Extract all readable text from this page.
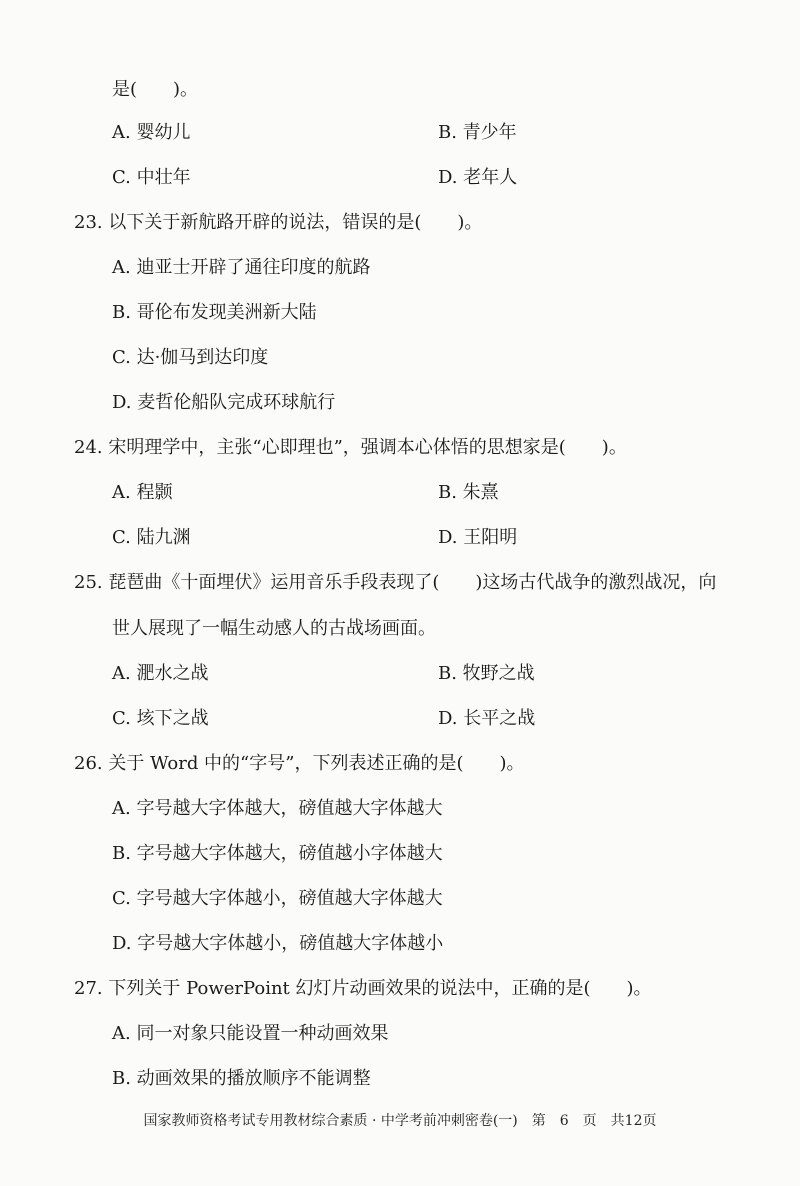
是(　　)。
A. 婴幼儿	B. 青少年
C. 中壮年	D. 老年人
23. 以下关于新航路开辟的说法，错误的是(　　)。
A. 迪亚士开辟了通往印度的航路
B. 哥伦布发现美洲新大陆
C. 达·伽马到达印度
D. 麦哲伦船队完成环球航行
24. 宋明理学中，主张“心即理也”，强调本心体悟的思想家是(　　)。
A. 程颢	B. 朱熹
C. 陆九渊	D. 王阳明
25. 琵琶曲《十面埋伏》运用音乐手段表现了(　　)这场古代战争的激烈战况，向
世人展现了一幅生动感人的古战场画面。
A. 淝水之战	B. 牧野之战
C. 垓下之战	D. 长平之战
26. 关于 Word 中的“字号”，下列表述正确的是(　　)。
A. 字号越大字体越大，磅值越大字体越大
B. 字号越大字体越大，磅值越小字体越大
C. 字号越大字体越小，磅值越大字体越大
D. 字号越大字体越小，磅值越大字体越小
27. 下列关于 PowerPoint 幻灯片动画效果的说法中，正确的是(　　)。
A. 同一对象只能设置一种动画效果
B. 动画效果的播放顺序不能调整
国家教师资格考试专用教材综合素质 · 中学考前冲刺密卷(一)　第　6　页　共12页
